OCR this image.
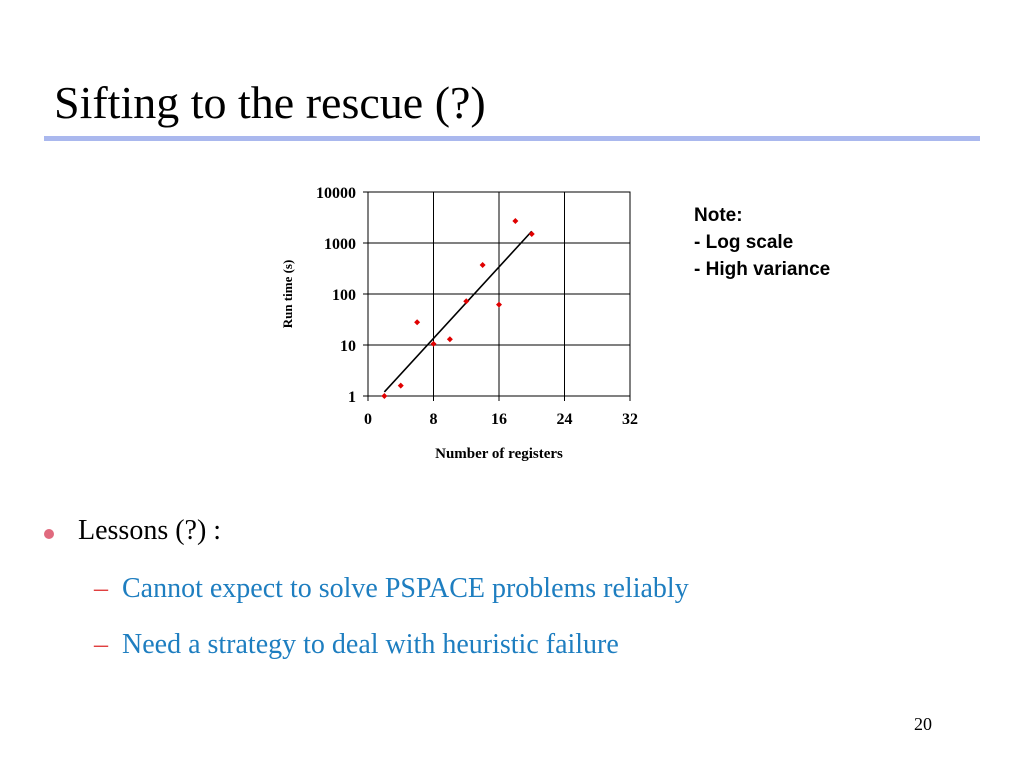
Sifting to the rescue (?)
0	8	16	24	32
10000
1000
100
10
1
Number of registers
Run time (s)
Note:
- Log scale
- High variance
Lessons (?) :
– Cannot expect to solve PSPACE problems reliably
– Need a strategy to deal with heuristic failure
20
